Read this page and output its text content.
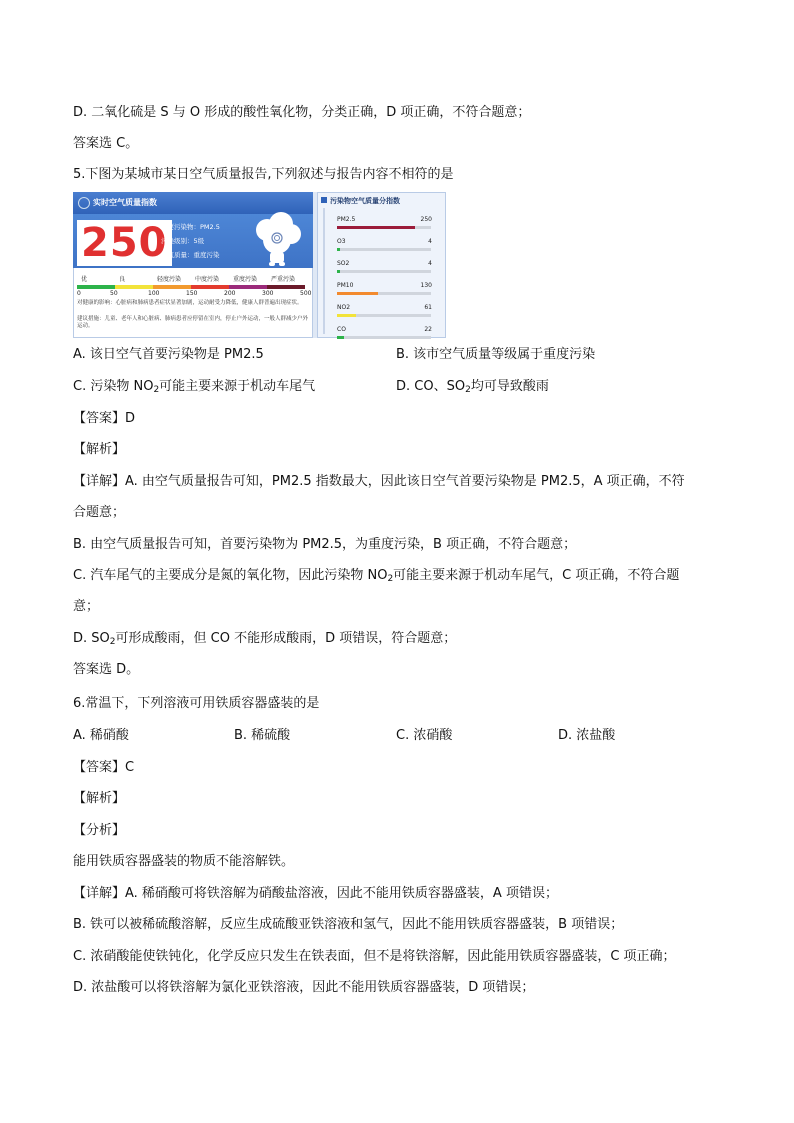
D. 二氧化硫是 S 与 O 形成的酸性氧化物，分类正确，D 项正确，不符合题意；
答案选 C。
5.下图为某城市某日空气质量报告,下列叙述与报告内容不相符的是
实时空气质量指数
250
首要污染物：PM2.5
污染级别：5级
空气质量：重度污染
优	良	轻度污染 中度污染 重度污染 严重污染
0	50	100	150	200	300	500
对健康的影响：心脏病和肺病患者症状显著加剧，运动耐受力降低，健康人群普遍出现症状。
建议措施：儿童、老年人和心脏病、肺病患者应停留在室内，停止户外运动，一般人群减少户外运动。
污染物空气质量分指数
PM2.5	250
O3	4
SO2	4
PM10	130
NO2	61
CO	22
A. 该日空气首要污染物是 PM2.5	B. 该市空气质量等级属于重度污染
C. 污染物 $NO_2$可能主要来源于机动车尾气	D. CO、$SO_2$均可导致酸雨
【答案】D
【解析】
【详解】A. 由空气质量报告可知，PM2.5 指数最大，因此该日空气首要污染物是 PM2.5，A 项正确，不符
合题意；
B. 由空气质量报告可知，首要污染物为 PM2.5，为重度污染，B 项正确，不符合题意；
C. 汽车尾气的主要成分是氮的氧化物，因此污染物 $NO_2$可能主要来源于机动车尾气，C 项正确，不符合题
意；
D. $SO_2$可形成酸雨，但 CO 不能形成酸雨，D 项错误，符合题意；
答案选 D。
6.常温下，下列溶液可用铁质容器盛装的是
A. 稀硝酸	B. 稀硫酸	C. 浓硝酸	D. 浓盐酸
【答案】C
【解析】
【分析】
能用铁质容器盛装的物质不能溶解铁。
【详解】A. 稀硝酸可将铁溶解为硝酸盐溶液，因此不能用铁质容器盛装，A 项错误；
B. 铁可以被稀硫酸溶解，反应生成硫酸亚铁溶液和氢气，因此不能用铁质容器盛装，B 项错误；
C. 浓硝酸能使铁钝化，化学反应只发生在铁表面，但不是将铁溶解，因此能用铁质容器盛装，C 项正确；
D. 浓盐酸可以将铁溶解为氯化亚铁溶液，因此不能用铁质容器盛装，D 项错误；
